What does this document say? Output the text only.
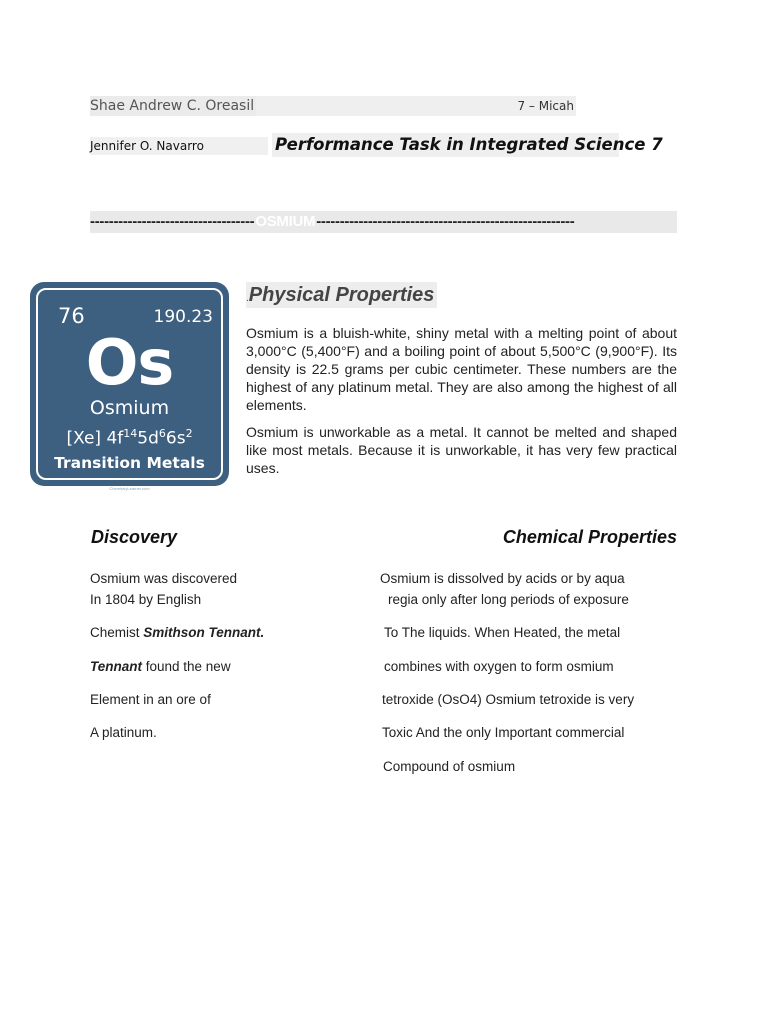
Shae Andrew C. Oreasil	7 – Micah
Jennifer O. Navarro	Performance Task in Integrated Science 7
-----------------------------------OSMIUM-------------------------------------------------------
76	190.23
Os
Osmium
[Xe] $4f^{14}5d^66s^2$
Transition Metals
ChemistryLearner.com
.Physical Properties
Osmium is a bluish-white, shiny metal with a melting point of about 3,000°C (5,400°F) and a boiling point of about 5,500°C (9,900°F). Its density is 22.5 grams per cubic centimeter. These numbers are the highest of any platinum metal. They are also among the highest of all elements.
Osmium is unworkable as a metal. It cannot be melted and shaped like most metals. Because it is unworkable, it has very few practical uses.
Discovery
Osmium was discovered
In 1804 by English
Chemist Smithson Tennant.
Tennant found the new
Element in an ore of
A platinum.
Chemical Properties
Osmium is dissolved by acids or by aqua
regia only after long periods of exposure
To The liquids. When Heated, the metal
combines with oxygen to form osmium
tetroxide (OsO4) Osmium tetroxide is very
Toxic And the only Important commercial
Compound of osmium
